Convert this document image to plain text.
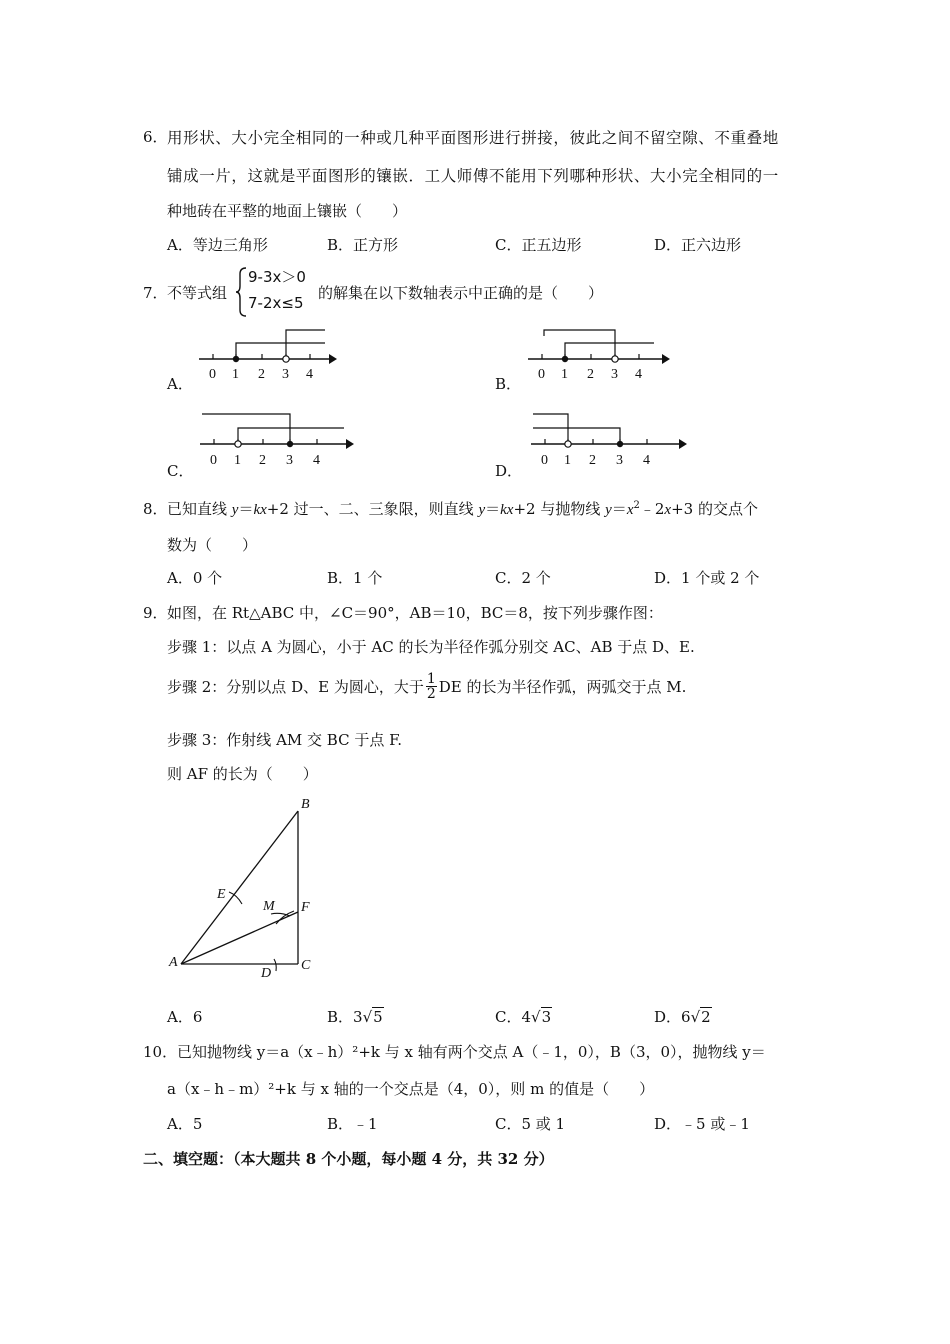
6． 用形状、大小完全相同的一种或几种平面图形进行拼接，彼此之间不留空隙、不重叠地
铺成一片，这就是平面图形的镶嵌．工人师傅不能用下列哪种形状、大小完全相同的一
种地砖在平整的地面上镶嵌（　　）
A．等边三角形	B．正方形	C．正五边形	D．正六边形
7． 不等式组
9-3x＞0
7-2x≤5
的解集在以下数轴表示中正确的是（　　）
A．
0 1 2 3 4
B．
0 1 2 3 4
C．
0 1 2 3 4
D．
0 1 2 3 4
8． 已知直线 y＝kx+2 过一、二、三象限，则直线 y＝kx+2 与抛物线 $y=x^2﹣2x+3$ 的交点个
数为（　　）
A．0 个	B．1 个	C．2 个	D．1 个或 2 个
9． 如图，在 Rt△ABC 中，∠C＝90°，AB＝10，BC＝8，按下列步骤作图：
步骤 1：以点 A 为圆心，小于 AC 的长为半径作弧分别交 AC、AB 于点 D、E.
步骤 2：分别以点 D、E 为圆心，大于 $\frac{1}{2}$ DE 的长为半径作弧，两弧交于点 M.
步骤 3：作射线 AM 交 BC 于点 F.
则 AF 的长为（　　）
B
E
M F
A
D
C
A．6	B．3√5	C．4√3	D．6√2
10． 已知抛物线 y＝a（x﹣h）²+k 与 x 轴有两个交点 A（﹣1，0），B（3，0），抛物线 y＝
a（x﹣h﹣m）²+k 与 x 轴的一个交点是（4，0），则 m 的值是（　　）
A．5	B．﹣1	C．5 或 1	D．﹣5 或﹣1
二、填空题：（本大题共 8 个小题，每小题 4 分，共 32 分）
